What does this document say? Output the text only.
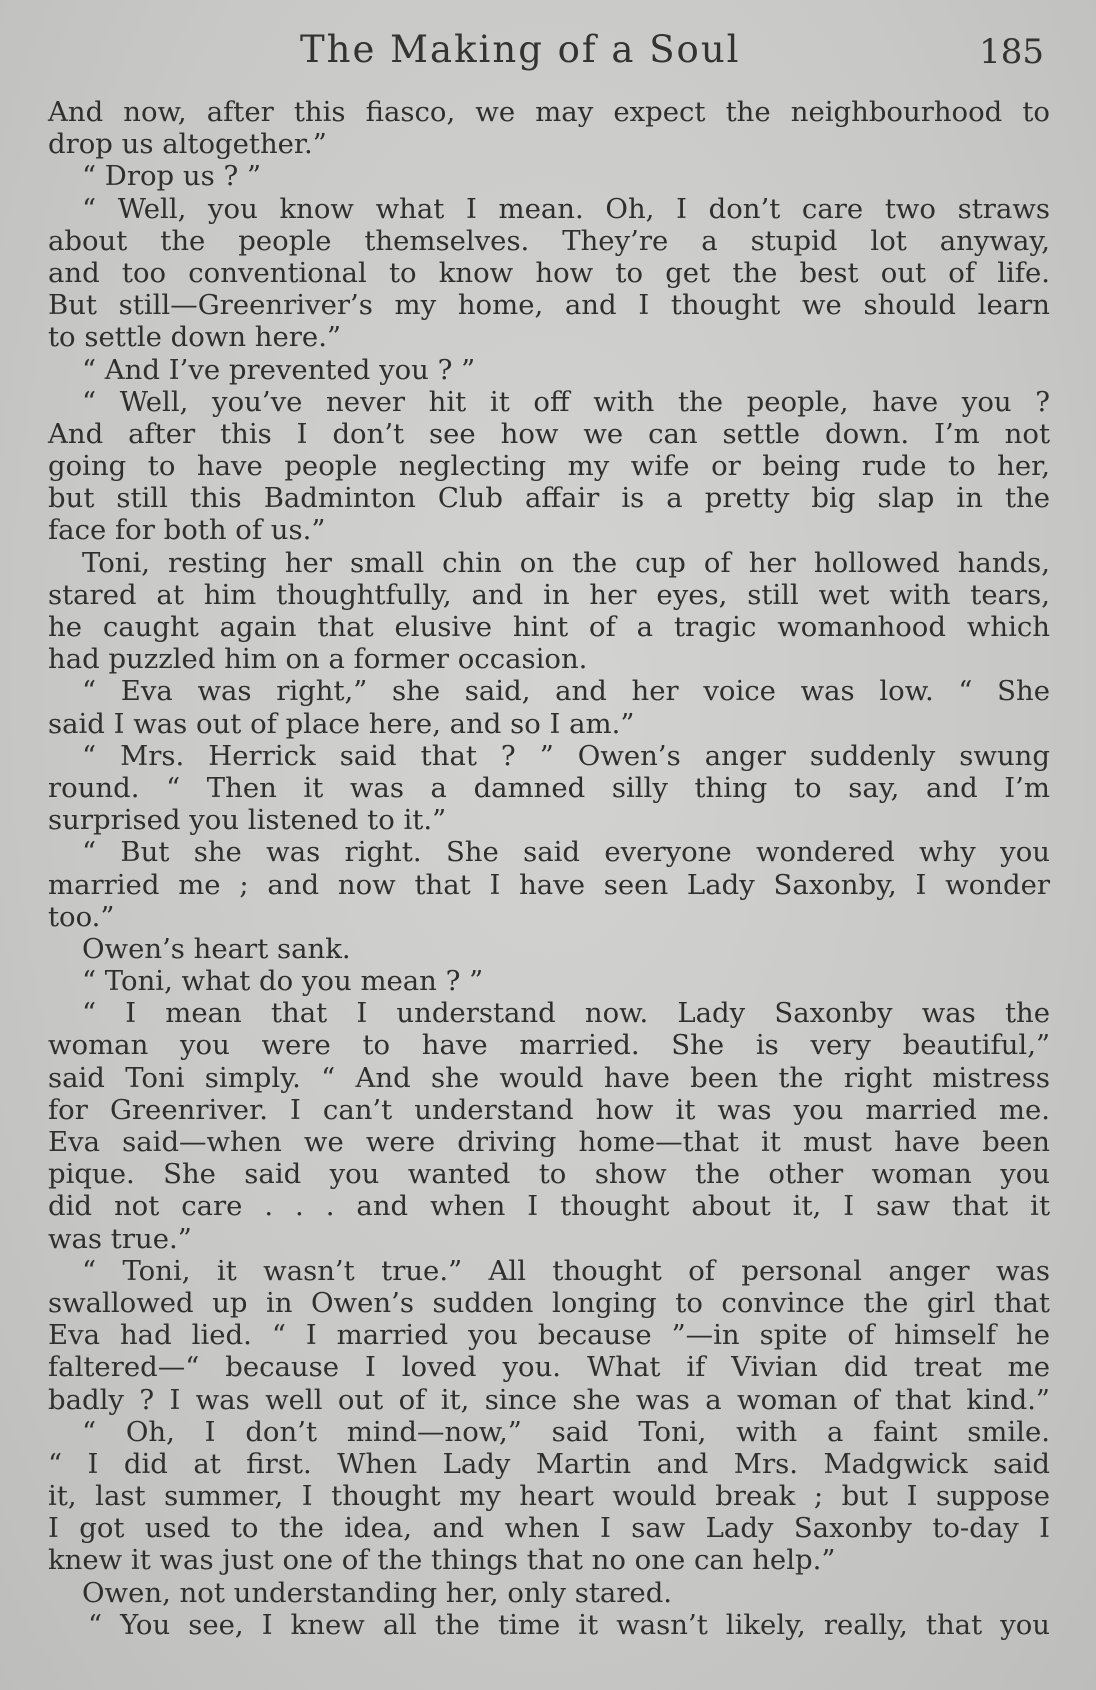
The Making of a Soul	185
And now, after this fiasco, we may expect the neighbourhood to
drop us altogether.”
“ Drop us ? ”
“ Well, you know what I mean. Oh, I don’t care two straws
about the people themselves. They’re a stupid lot anyway,
and too conventional to know how to get the best out of life.
But still—Greenriver’s my home, and I thought we should learn
to settle down here.”
“ And I’ve prevented you ? ”
“ Well, you’ve never hit it off with the people, have you ?
And after this I don’t see how we can settle down. I’m not
going to have people neglecting my wife or being rude to her,
but still this Badminton Club affair is a pretty big slap in the
face for both of us.”
Toni, resting her small chin on the cup of her hollowed hands,
stared at him thoughtfully, and in her eyes, still wet with tears,
he caught again that elusive hint of a tragic womanhood which
had puzzled him on a former occasion.
“ Eva was right,” she said, and her voice was low. “ She
said I was out of place here, and so I am.”
“ Mrs. Herrick said that ? ” Owen’s anger suddenly swung
round. “ Then it was a damned silly thing to say, and I’m
surprised you listened to it.”
“ But she was right. She said everyone wondered why you
married me ; and now that I have seen Lady Saxonby, I wonder
too.”
Owen’s heart sank.
“ Toni, what do you mean ? ”
“ I mean that I understand now. Lady Saxonby was the
woman you were to have married. She is very beautiful,”
said Toni simply. “ And she would have been the right mistress
for Greenriver. I can’t understand how it was you married me.
Eva said—when we were driving home—that it must have been
pique. She said you wanted to show the other woman you
did not care . . . and when I thought about it, I saw that it
was true.”
“ Toni, it wasn’t true.” All thought of personal anger was
swallowed up in Owen’s sudden longing to convince the girl that
Eva had lied. “ I married you because ”—in spite of himself he
faltered—“ because I loved you. What if Vivian did treat me
badly ? I was well out of it, since she was a woman of that kind.”
“ Oh, I don’t mind—now,” said Toni, with a faint smile.
“ I did at first. When Lady Martin and Mrs. Madgwick said
it, last summer, I thought my heart would break ; but I suppose
I got used to the idea, and when I saw Lady Saxonby to-day I
knew it was just one of the things that no one can help.”
Owen, not understanding her, only stared.
“ You see, I knew all the time it wasn’t likely, really, that you
